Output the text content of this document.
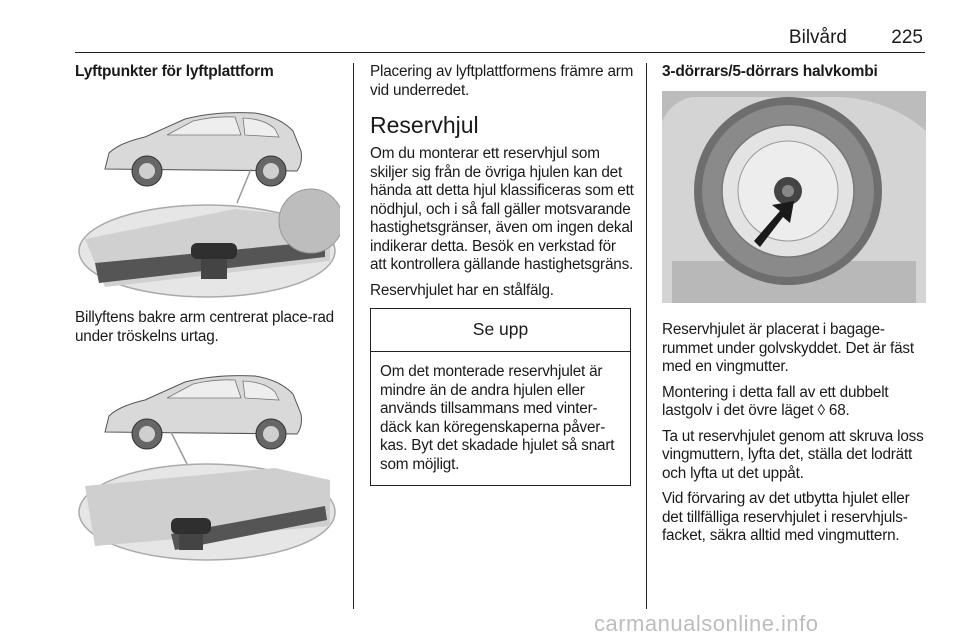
Bilvård 225
Lyftpunkter för lyftplattform

Billyftens bakre arm centrerat place-rad under tröskelns urtag.

Placering av lyftplattformens främre arm vid underredet.

Reservhjul

Om du monterar ett reservhjul som skiljer sig från de övriga hjulen kan det hända att detta hjul klassificeras som ett nödhjul, och i så fall gäller motsvarande hastighetsgränser, även om ingen dekal indikerar detta. Besök en verkstad för att kontrollera gällande hastighetsgräns.

Reservhjulet har en stålfälg.

Se upp
Om det monterade reservhjulet är mindre än de andra hjulen eller används tillsammans med vinter-däck kan köregenskaperna påver-kas. Byt det skadade hjulet så snart som möjligt.
3-dörrars/5-dörrars halvkombi

Reservhjulet är placerat i bagage-rummet under golvskyddet. Det är fäst med en vingmutter.

Montering i detta fall av ett dubbelt lastgolv i det övre läget ◊ 68.

Ta ut reservhjulet genom att skruva loss vingmuttern, lyfta det, ställa det lodrätt och lyfta ut det uppåt.

Vid förvaring av det utbytta hjulet eller det tillfälliga reservhjulet i reservhjuls-facket, säkra alltid med vingmuttern.

carmanualsonline.info
